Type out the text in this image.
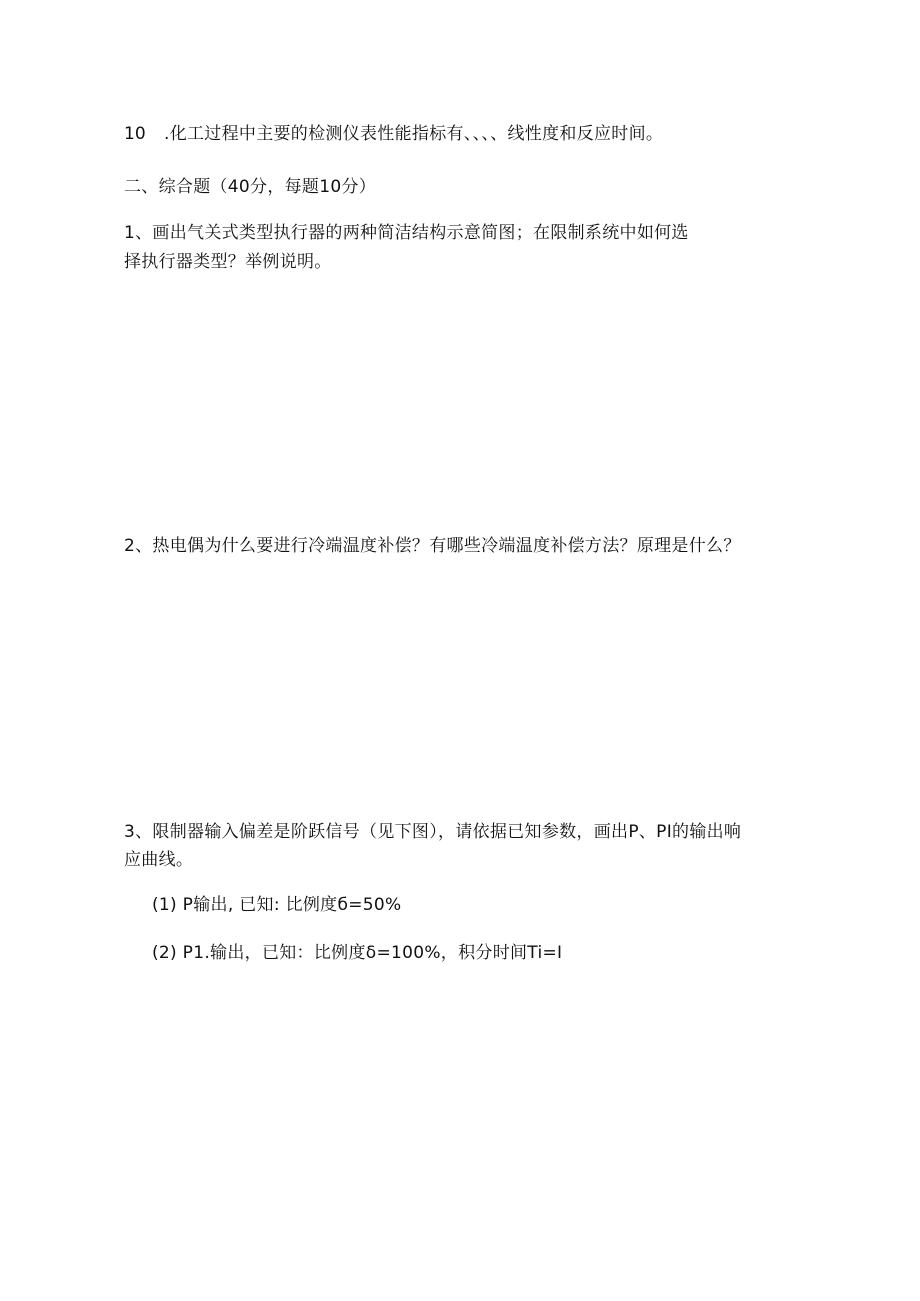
10 .化工过程中主要的检测仪表性能指标有、、、、线性度和反应时间。
二、综合题（40分，每题10分）
1、画出气关式类型执行器的两种简洁结构示意简图；在限制系统中如何选
择执行器类型？举例说明。
2、热电偶为什么要进行冷端温度补偿？有哪些冷端温度补偿方法？原理是什么？
3、限制器输入偏差是阶跃信号（见下图），请依据已知参数，画出P、PI的输出响
应曲线。
(1) P输出, 已知: 比例度б=50%
(2) P1.输出，已知：比例度δ=100%，积分时间Ti=I
